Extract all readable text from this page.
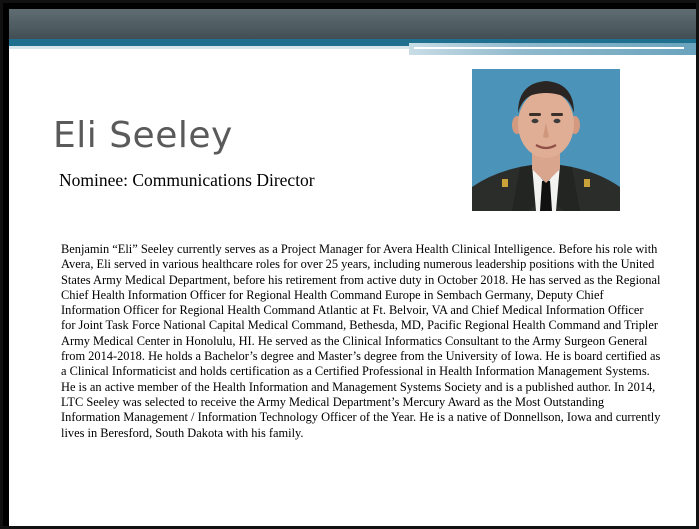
Eli Seeley
Nominee: Communications Director

Benjamin “Eli” Seeley currently serves as a Project Manager for Avera Health Clinical Intelligence. Before his role with Avera, Eli served in various healthcare roles for over 25 years, including numerous leadership positions with the United States Army Medical Department, before his retirement from active duty in October 2018. He has served as the Regional Chief Health Information Officer for Regional Health Command Europe in Sembach Germany, Deputy Chief Information Officer for Regional Health Command Atlantic at Ft. Belvoir, VA and Chief Medical Information Officer for Joint Task Force National Capital Medical Command, Bethesda, MD, Pacific Regional Health Command and Tripler Army Medical Center in Honolulu, HI. He served as the Clinical Informatics Consultant to the Army Surgeon General from 2014-2018. He holds a Bachelor’s degree and Master’s degree from the University of Iowa. He is board certified as a Clinical Informaticist and holds certification as a Certified Professional in Health Information Management Systems. He is an active member of the Health Information and Management Systems Society and is a published author. In 2014, LTC Seeley was selected to receive the Army Medical Department’s Mercury Award as the Most Outstanding Information Management / Information Technology Officer of the Year. He is a native of Donnellson, Iowa and currently lives in Beresford, South Dakota with his family.
